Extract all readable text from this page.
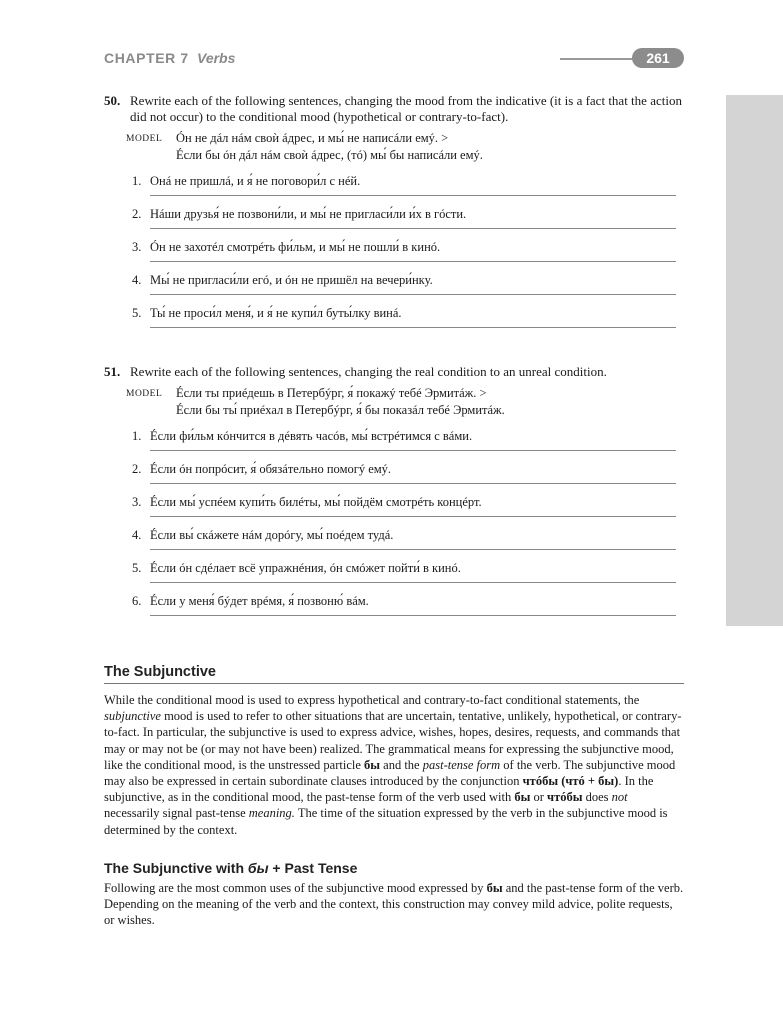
CHAPTER 7 Verbs	261
50. Rewrite each of the following sentences, changing the mood from the indicative (it is a fact that the action did not occur) to the conditional mood (hypothetical or contrary-to-fact).
MODEL Óн не дáл нáм своѝ áдрес, и мы́ не написáли емý. >
Éсли бы óн дáл нáм своѝ áдрес, (тó) мы́ бы написáли емý.
1. Онá не пришлá, и я́ не поговори́л с нéй.
2. Нáши друзья́ не позвони́ли, и мы́ не пригласи́ли и́х в гóсти.
3. Óн не захотéл смотрéть фи́льм, и мы́ не пошли́ в кинó.
4. Мы́ не пригласи́ли егó, и óн не пришёл на вечери́нку.
5. Ты́ не проси́л меня́, и я́ не купи́л буты́лку винá.
51. Rewrite each of the following sentences, changing the real condition to an unreal condition.
MODEL Éсли ты приéдешь в Петербýрг, я́ покажý тебé Эрмитáж. >
Éсли бы ты́ приéхал в Петербýрг, я́ бы показáл тебé Эрмитáж.
1. Éсли фи́льм кóнчится в дéвять часóв, мы́ встрéтимся с вáми.
2. Éсли óн попрóсит, я́ обязáтельно помогý емý.
3. Éсли мы́ успéем купи́ть билéты, мы́ пойдём смотрéть концéрт.
4. Éсли вы́ скáжете нáм дорóгу, мы́ поéдем тудá.
5. Éсли óн сдéлает всё упражнéния, óн смóжет пойти́ в кинó.
6. Éсли у меня́ бýдет врéмя, я́ позвоню́ вáм.
The Subjunctive
While the conditional mood is used to express hypothetical and contrary-to-fact conditional statements, the subjunctive mood is used to refer to other situations that are uncertain, tentative, unlikely, hypothetical, or contrary-to-fact. In particular, the subjunctive is used to express advice, wishes, hopes, desires, requests, and commands that may or may not be (or may not have been) realized. The grammatical means for expressing the subjunctive mood, like the conditional mood, is the unstressed particle бы and the past-tense form of the verb. The subjunctive mood may also be expressed in certain subordinate clauses introduced by the conjunction чтóбы (чтó + бы). In the subjunctive, as in the conditional mood, the past-tense form of the verb used with бы or чтóбы does not necessarily signal past-tense meaning. The time of the situation expressed by the verb in the subjunctive mood is determined by the context.
The Subjunctive with бы + Past Tense
Following are the most common uses of the subjunctive mood expressed by бы and the past-tense form of the verb. Depending on the meaning of the verb and the context, this construction may convey mild advice, polite requests, or wishes.
